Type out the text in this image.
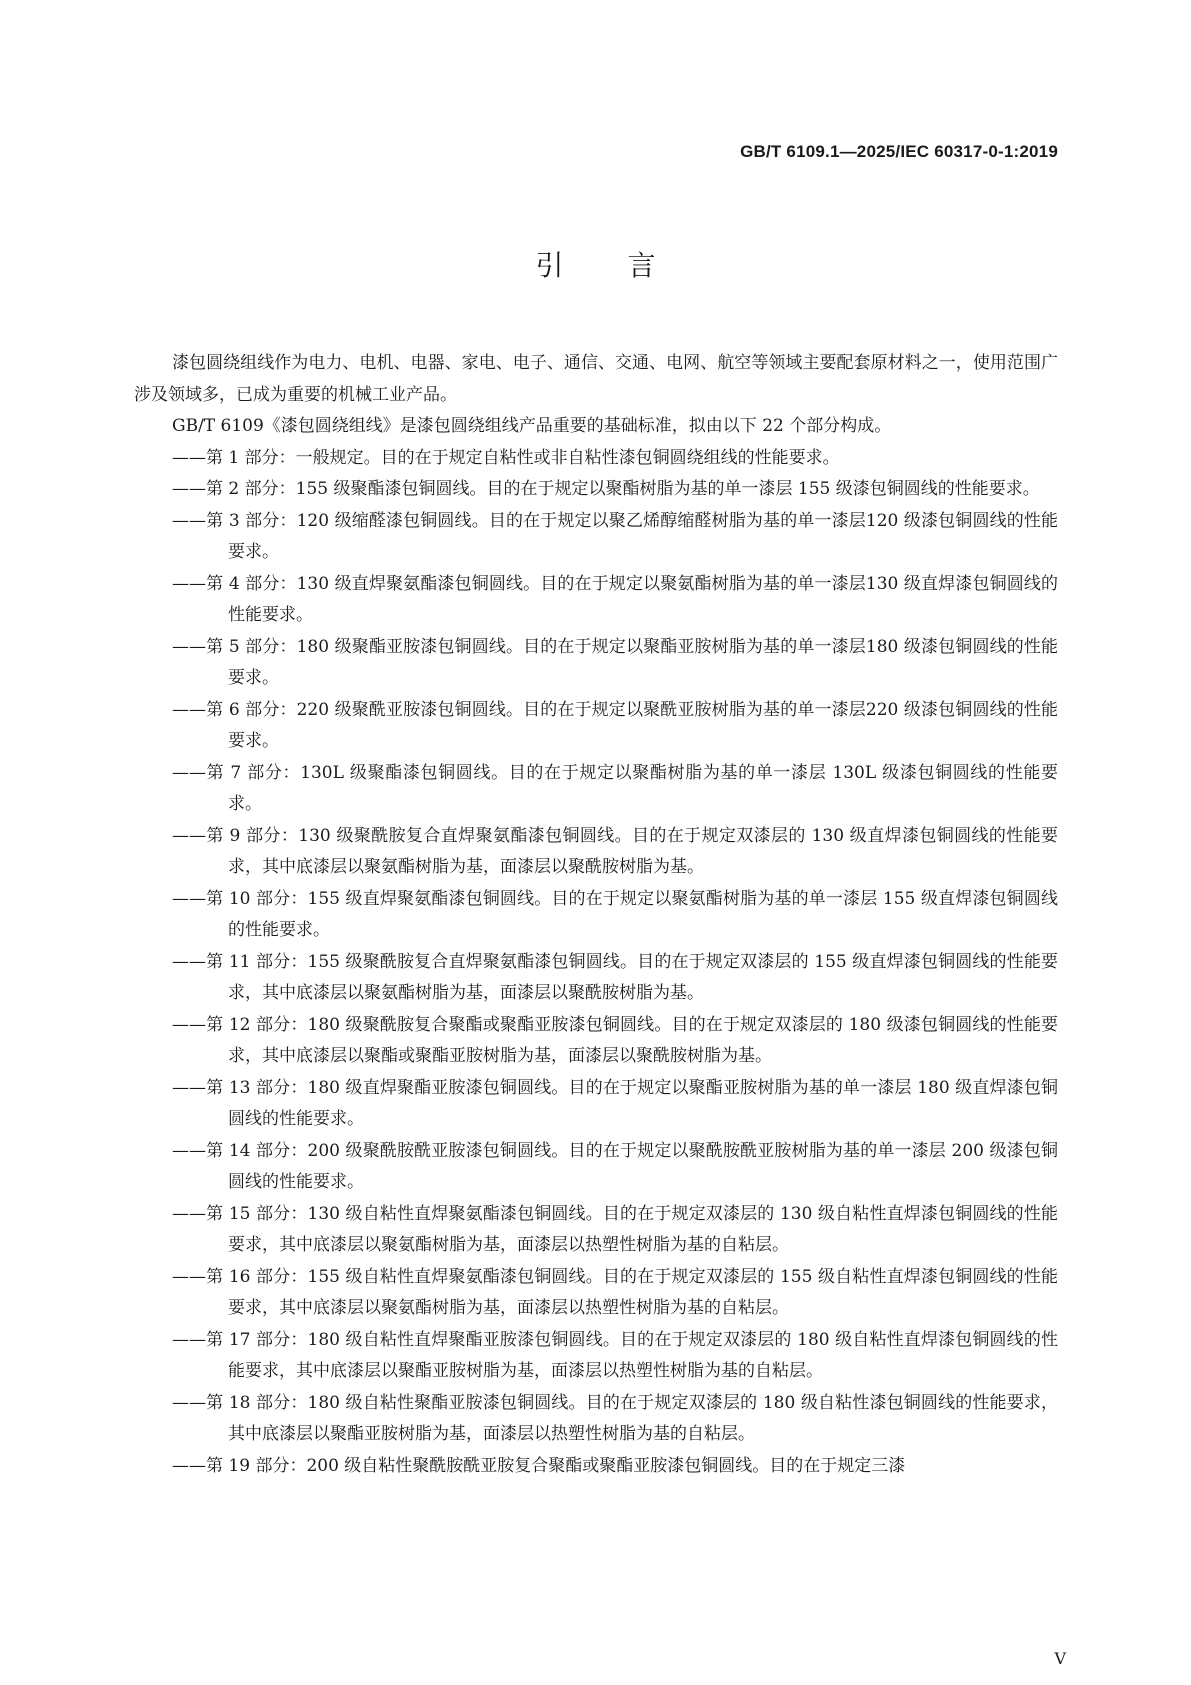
GB/T 6109.1—2025/IEC 60317-0-1:2019
引言

漆包圆绕组线作为电力、电机、电器、家电、电子、通信、交通、电网、航空等领域主要配套原材料之一，使用范围广涉及领域多，已成为重要的机械工业产品。

GB/T 6109《漆包圆绕组线》是漆包圆绕组线产品重要的基础标准，拟由以下 22 个部分构成。

——第 1 部分：一般规定。目的在于规定自粘性或非自粘性漆包铜圆绕组线的性能要求。

——第 2 部分：155 级聚酯漆包铜圆线。目的在于规定以聚酯树脂为基的单一漆层 155 级漆包铜圆线的性能要求。

——第 3 部分：120 级缩醛漆包铜圆线。目的在于规定以聚乙烯醇缩醛树脂为基的单一漆层120 级漆包铜圆线的性能要求。

——第 4 部分：130 级直焊聚氨酯漆包铜圆线。目的在于规定以聚氨酯树脂为基的单一漆层130 级直焊漆包铜圆线的性能要求。

——第 5 部分：180 级聚酯亚胺漆包铜圆线。目的在于规定以聚酯亚胺树脂为基的单一漆层180 级漆包铜圆线的性能要求。

——第 6 部分：220 级聚酰亚胺漆包铜圆线。目的在于规定以聚酰亚胺树脂为基的单一漆层220 级漆包铜圆线的性能要求。

——第 7 部分：130L 级聚酯漆包铜圆线。目的在于规定以聚酯树脂为基的单一漆层 130L 级漆包铜圆线的性能要求。

——第 9 部分：130 级聚酰胺复合直焊聚氨酯漆包铜圆线。目的在于规定双漆层的 130 级直焊漆包铜圆线的性能要求，其中底漆层以聚氨酯树脂为基，面漆层以聚酰胺树脂为基。

——第 10 部分：155 级直焊聚氨酯漆包铜圆线。目的在于规定以聚氨酯树脂为基的单一漆层 155 级直焊漆包铜圆线的性能要求。

——第 11 部分：155 级聚酰胺复合直焊聚氨酯漆包铜圆线。目的在于规定双漆层的 155 级直焊漆包铜圆线的性能要求，其中底漆层以聚氨酯树脂为基，面漆层以聚酰胺树脂为基。

——第 12 部分：180 级聚酰胺复合聚酯或聚酯亚胺漆包铜圆线。目的在于规定双漆层的 180 级漆包铜圆线的性能要求，其中底漆层以聚酯或聚酯亚胺树脂为基，面漆层以聚酰胺树脂为基。

——第 13 部分：180 级直焊聚酯亚胺漆包铜圆线。目的在于规定以聚酯亚胺树脂为基的单一漆层 180 级直焊漆包铜圆线的性能要求。

——第 14 部分：200 级聚酰胺酰亚胺漆包铜圆线。目的在于规定以聚酰胺酰亚胺树脂为基的单一漆层 200 级漆包铜圆线的性能要求。

——第 15 部分：130 级自粘性直焊聚氨酯漆包铜圆线。目的在于规定双漆层的 130 级自粘性直焊漆包铜圆线的性能要求，其中底漆层以聚氨酯树脂为基，面漆层以热塑性树脂为基的自粘层。

——第 16 部分：155 级自粘性直焊聚氨酯漆包铜圆线。目的在于规定双漆层的 155 级自粘性直焊漆包铜圆线的性能要求，其中底漆层以聚氨酯树脂为基，面漆层以热塑性树脂为基的自粘层。

——第 17 部分：180 级自粘性直焊聚酯亚胺漆包铜圆线。目的在于规定双漆层的 180 级自粘性直焊漆包铜圆线的性能要求，其中底漆层以聚酯亚胺树脂为基，面漆层以热塑性树脂为基的自粘层。

——第 18 部分：180 级自粘性聚酯亚胺漆包铜圆线。目的在于规定双漆层的 180 级自粘性漆包铜圆线的性能要求，其中底漆层以聚酯亚胺树脂为基，面漆层以热塑性树脂为基的自粘层。

——第 19 部分：200 级自粘性聚酰胺酰亚胺复合聚酯或聚酯亚胺漆包铜圆线。目的在于规定三漆

V
